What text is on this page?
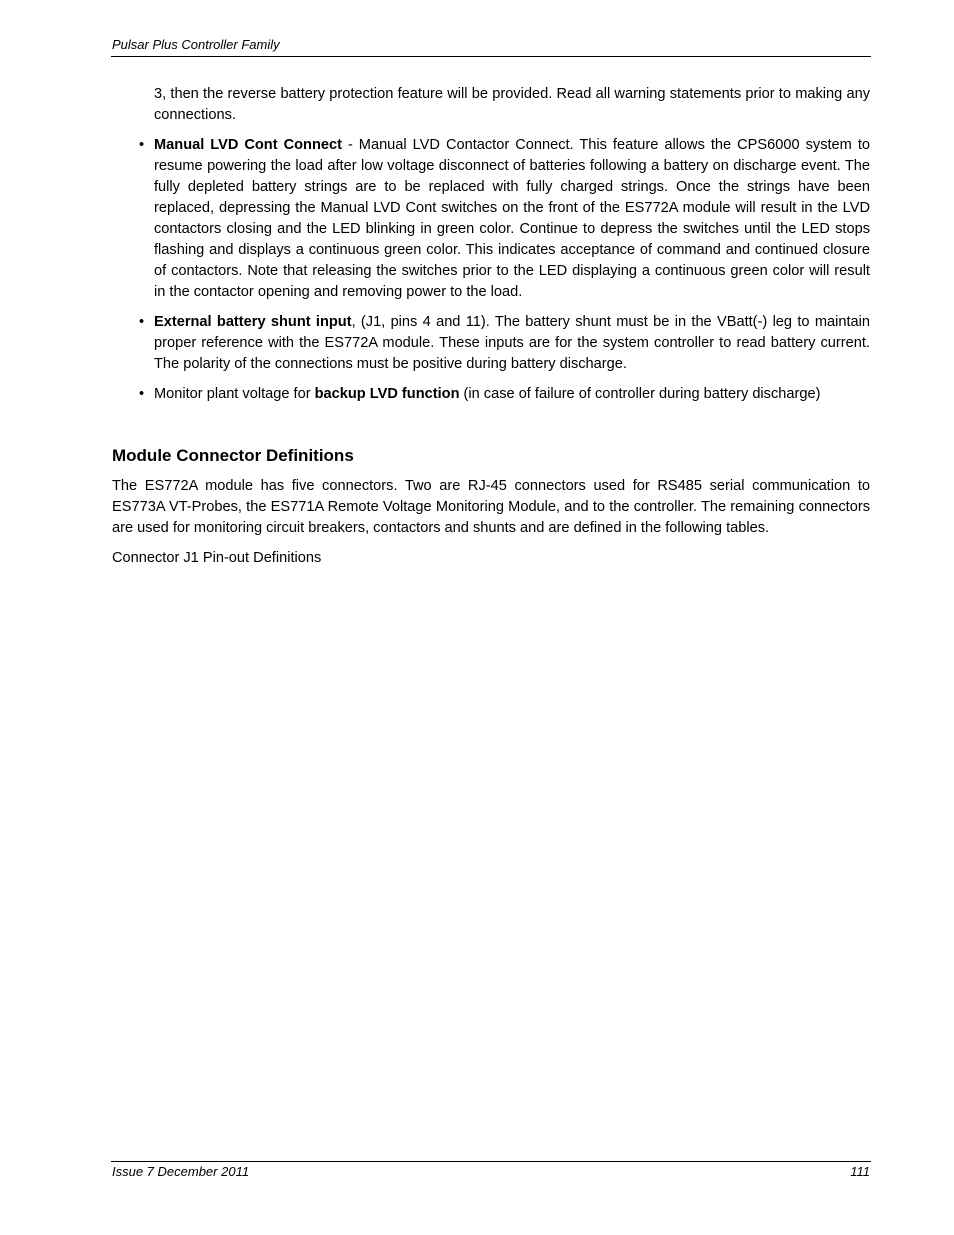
Pulsar Plus Controller Family

3, then the reverse battery protection feature will be provided. Read all warning statements prior to making any connections.

• Manual LVD Cont Connect - Manual LVD Contactor Connect. This feature allows the CPS6000 system to resume powering the load after low voltage disconnect of batteries following a battery on discharge event. The fully depleted battery strings are to be replaced with fully charged strings. Once the strings have been replaced, depressing the Manual LVD Cont switches on the front of the ES772A module will result in the LVD contactors closing and the LED blinking in green color. Continue to depress the switches until the LED stops flashing and displays a continuous green color. This indicates acceptance of command and continued closure of contactors. Note that releasing the switches prior to the LED displaying a continuous green color will result in the contactor opening and removing power to the load.
• External battery shunt input, (J1, pins 4 and 11). The battery shunt must be in the VBatt(-) leg to maintain proper reference with the ES772A module. These inputs are for the system controller to read battery current. The polarity of the connections must be positive during battery discharge.
• Monitor plant voltage for backup LVD function (in case of failure of controller during battery discharge)
Module Connector Definitions

The ES772A module has five connectors. Two are RJ-45 connectors used for RS485 serial communication to ES773A VT-Probes, the ES771A Remote Voltage Monitoring Module, and to the controller. The remaining connectors are used for monitoring circuit breakers, contactors and shunts and are defined in the following tables.

Connector J1 Pin-out Definitions

Issue 7 December 2011	111
